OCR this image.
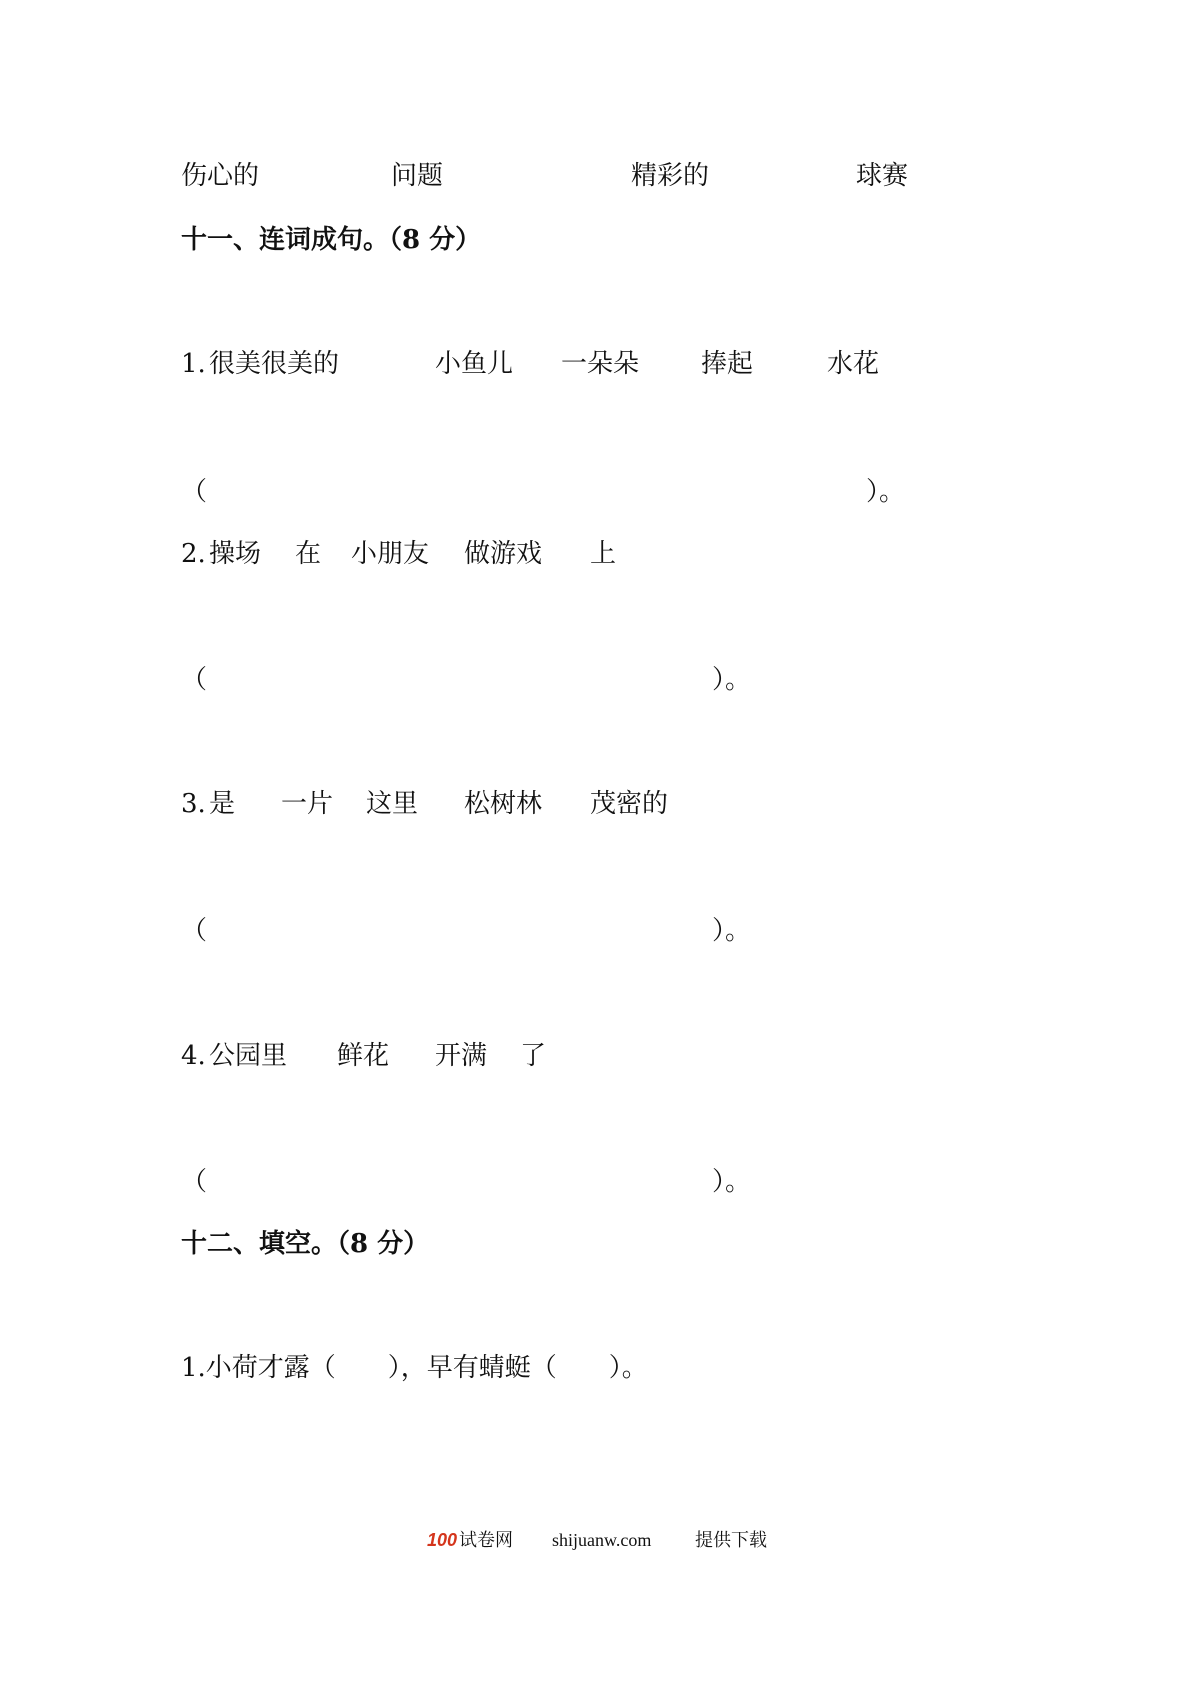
伤心的	问题	精彩的	球赛
十一、连词成句。（8 分）
1. 很美很美的	小鱼儿 一朵朵 捧起	水花
（	）。
2. 操场 在 小朋友 做游戏 上
（	）。
3. 是 一片 这里 松树林 茂密的
（	）。
4. 公园里 鲜花 开满 了
（	）。
十二、填空。（8 分）
1.小荷才露（　　），早有蜻蜓（　　）。
100 试卷网 shijuanw.com 提供下载
